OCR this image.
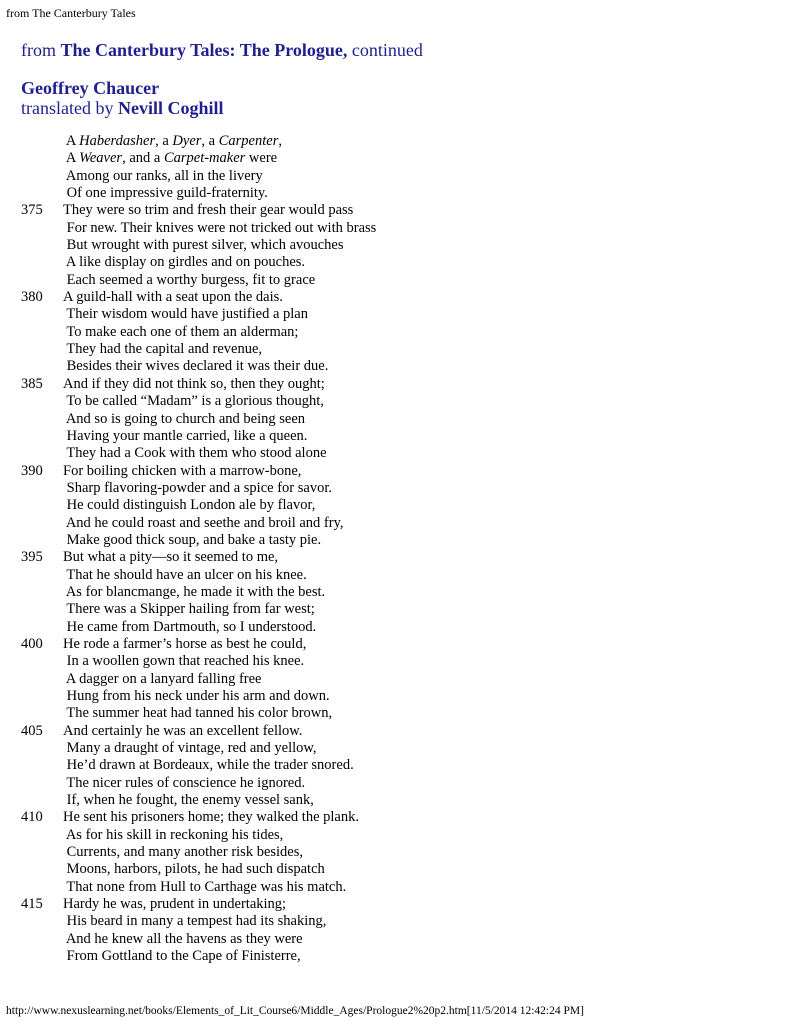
from The Canterbury Tales
from The Canterbury Tales: The Prologue, continued
Geoffrey Chaucer
translated by Nevill Coghill
A Haberdasher, a Dyer, a Carpenter,
A Weaver, and a Carpet-maker were
Among our ranks, all in the livery
Of one impressive guild-fraternity.
375	They were so trim and fresh their gear would pass
For new. Their knives were not tricked out with brass
But wrought with purest silver, which avouches
A like display on girdles and on pouches.
Each seemed a worthy burgess, fit to grace
380	A guild-hall with a seat upon the dais.
Their wisdom would have justified a plan
To make each one of them an alderman;
They had the capital and revenue,
Besides their wives declared it was their due.
385	And if they did not think so, then they ought;
To be called “Madam” is a glorious thought,
And so is going to church and being seen
Having your mantle carried, like a queen.
They had a Cook with them who stood alone
390	For boiling chicken with a marrow-bone,
Sharp flavoring-powder and a spice for savor.
He could distinguish London ale by flavor,
And he could roast and seethe and broil and fry,
Make good thick soup, and bake a tasty pie.
395	But what a pity—so it seemed to me,
That he should have an ulcer on his knee.
As for blancmange, he made it with the best.
There was a Skipper hailing from far west;
He came from Dartmouth, so I understood.
400	He rode a farmer’s horse as best he could,
In a woollen gown that reached his knee.
A dagger on a lanyard falling free
Hung from his neck under his arm and down.
The summer heat had tanned his color brown,
405	And certainly he was an excellent fellow.
Many a draught of vintage, red and yellow,
He’d drawn at Bordeaux, while the trader snored.
The nicer rules of conscience he ignored.
If, when he fought, the enemy vessel sank,
410	He sent his prisoners home; they walked the plank.
As for his skill in reckoning his tides,
Currents, and many another risk besides,
Moons, harbors, pilots, he had such dispatch
That none from Hull to Carthage was his match.
415	Hardy he was, prudent in undertaking;
His beard in many a tempest had its shaking,
And he knew all the havens as they were
From Gottland to the Cape of Finisterre,
http://www.nexuslearning.net/books/Elements_of_Lit_Course6/Middle_Ages/Prologue2%20p2.htm[11/5/2014 12:42:24 PM]
